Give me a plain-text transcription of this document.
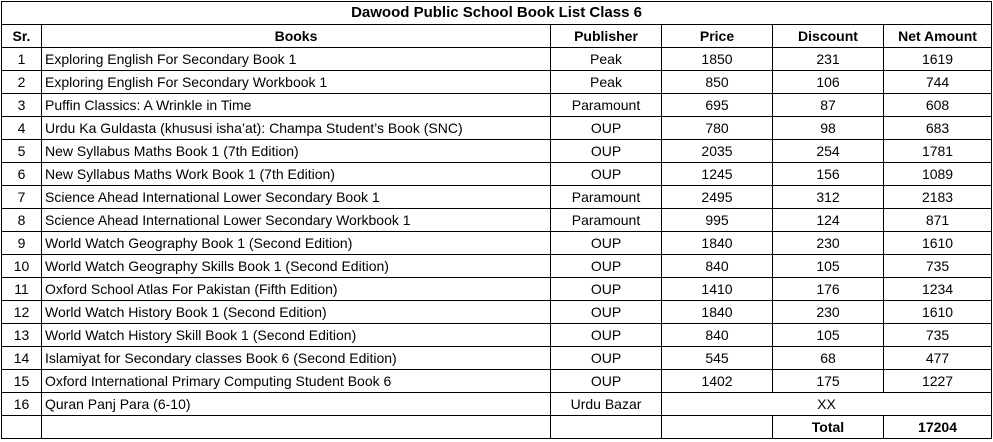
Dawood Public School Book List Class 6					
Sr.	Books	Publisher	Price	Discount	Net Amount
1	Exploring English For Secondary Book 1	Peak	1850	231	1619
2	Exploring English For Secondary Workbook 1	Peak	850	106	744
3	Puffin Classics: A Wrinkle in Time	Paramount	695	87	608
4	Urdu Ka Guldasta (khususi isha’at): Champa Student’s Book (SNC)	OUP	780	98	683
5	New Syllabus Maths Book 1 (7th Edition)	OUP	2035	254	1781
6	New Syllabus Maths Work Book 1 (7th Edition)	OUP	1245	156	1089
7	Science Ahead International Lower Secondary Book 1	Paramount	2495	312	2183
8	Science Ahead International Lower Secondary Workbook 1	Paramount	995	124	871
9	World Watch Geography Book 1 (Second Edition)	OUP	1840	230	1610
10	World Watch Geography Skills Book 1 (Second Edition)	OUP	840	105	735
11	Oxford School Atlas For Pakistan (Fifth Edition)	OUP	1410	176	1234
12	World Watch History Book 1 (Second Edition)	OUP	1840	230	1610
13	World Watch History Skill Book 1 (Second Edition)	OUP	840	105	735
14	Islamiyat for Secondary classes Book 6 (Second Edition)	OUP	545	68	477
15	Oxford International Primary Computing Student Book 6	OUP	1402	175	1227
16	Quran Panj Para (6-10)	Urdu Bazar	XX		
				Total	17204
